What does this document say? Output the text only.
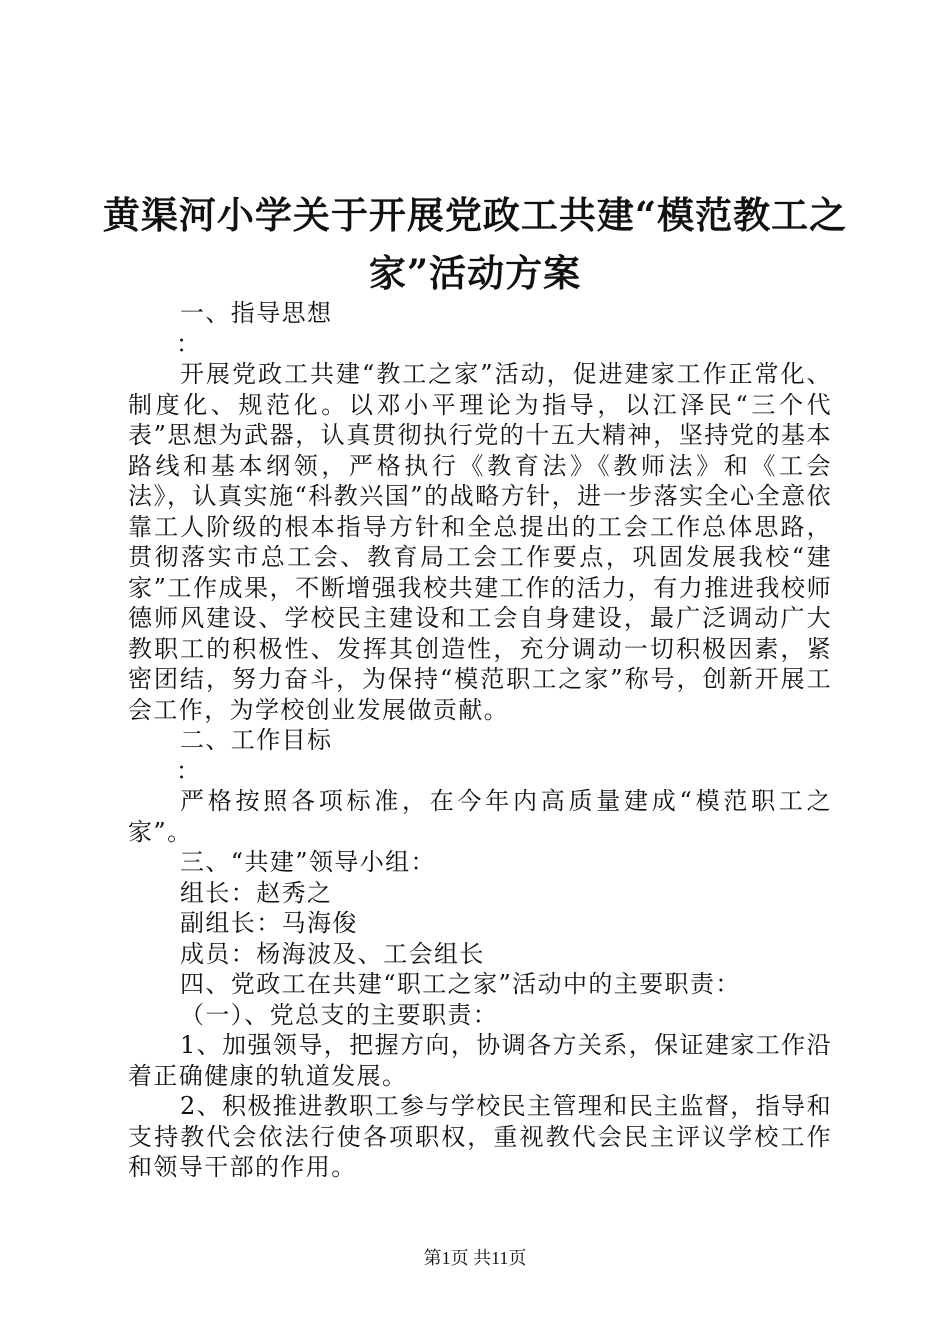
黄渠河小学关于开展党政工共建“模范教工之家”活动方案

一、指导思想

：

开展党政工共建“教工之家”活动，促进建家工作正常化、制度化、规范化。以邓小平理论为指导，以江泽民“三个代表”思想为武器，认真贯彻执行党的十五大精神，坚持党的基本路线和基本纲领，严格执行《教育法》《教师法》和《工会法》，认真实施“科教兴国”的战略方针，进一步落实全心全意依靠工人阶级的根本指导方针和全总提出的工会工作总体思路，贯彻落实市总工会、教育局工会工作要点，巩固发展我校“建家”工作成果，不断增强我校共建工作的活力，有力推进我校师德师风建设、学校民主建设和工会自身建设，最广泛调动广大教职工的积极性、发挥其创造性，充分调动一切积极因素，紧密团结，努力奋斗，为保持“模范职工之家”称号，创新开展工会工作，为学校创业发展做贡献。

二、工作目标

：

严格按照各项标准，在今年内高质量建成“模范职工之家”。

三、“共建”领导小组：

组长：赵秀之

副组长：马海俊

成员：杨海波及、工会组长

四、党政工在共建“职工之家”活动中的主要职责：

（一）、党总支的主要职责：

1、加强领导，把握方向，协调各方关系，保证建家工作沿着正确健康的轨道发展。

2、积极推进教职工参与学校民主管理和民主监督，指导和支持教代会依法行使各项职权，重视教代会民主评议学校工作和领导干部的作用。

第1页 共11页
